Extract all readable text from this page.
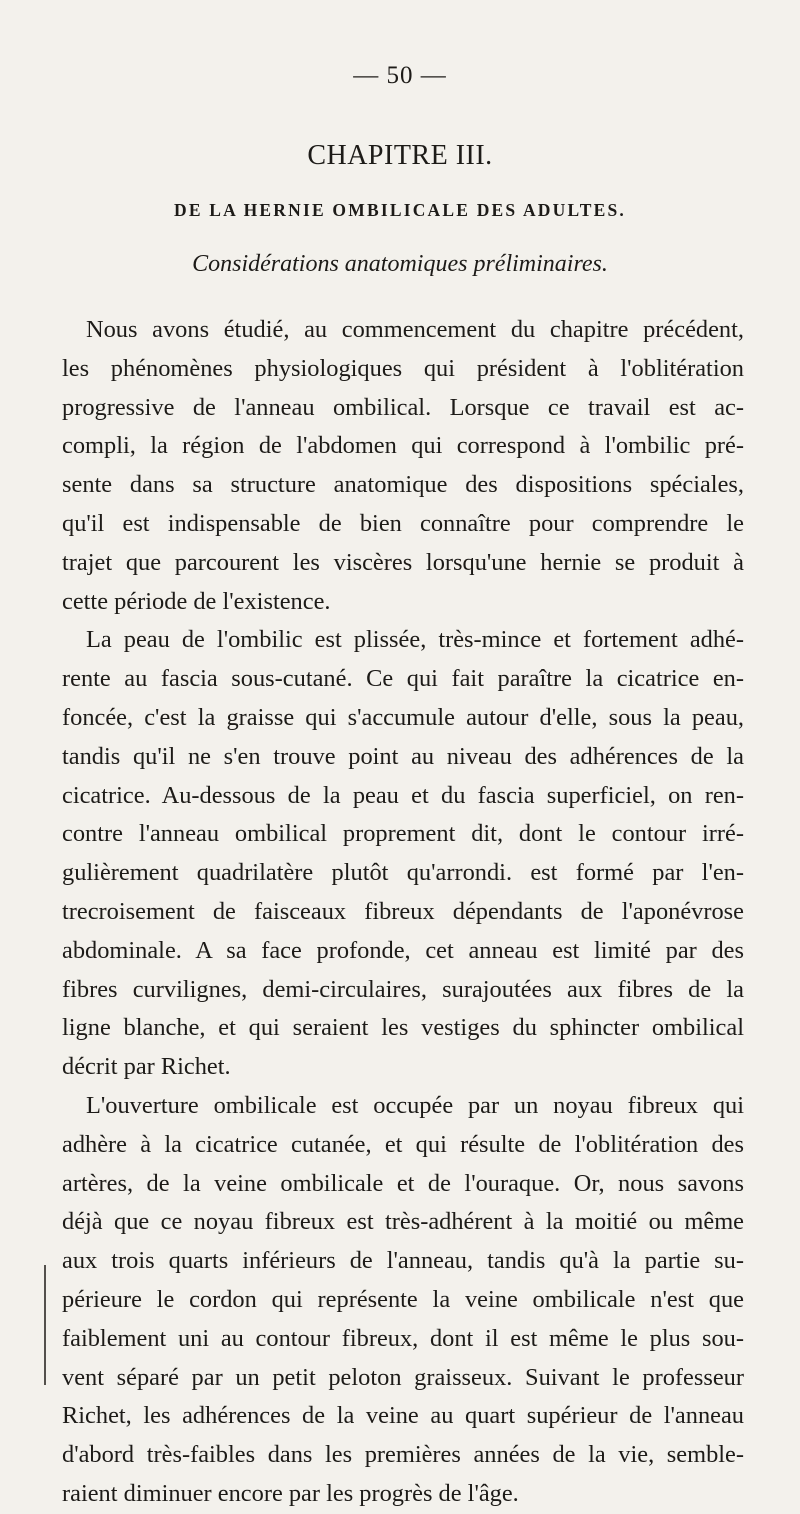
— 50 —
CHAPITRE III.
DE LA HERNIE OMBILICALE DES ADULTES.
Considérations anatomiques préliminaires.
Nous avons étudié, au commencement du chapitre précédent,
les phénomènes physiologiques qui président à l'oblitération
progressive de l'anneau ombilical. Lorsque ce travail est ac-
compli, la région de l'abdomen qui correspond à l'ombilic pré-
sente dans sa structure anatomique des dispositions spéciales,
qu'il est indispensable de bien connaître pour comprendre le
trajet que parcourent les viscères lorsqu'une hernie se produit à
cette période de l'existence.
La peau de l'ombilic est plissée, très-mince et fortement adhé-
rente au fascia sous-cutané. Ce qui fait paraître la cicatrice en-
foncée, c'est la graisse qui s'accumule autour d'elle, sous la peau,
tandis qu'il ne s'en trouve point au niveau des adhérences de la
cicatrice. Au-dessous de la peau et du fascia superficiel, on ren-
contre l'anneau ombilical proprement dit, dont le contour irré-
gulièrement quadrilatère plutôt qu'arrondi. est formé par l'en-
trecroisement de faisceaux fibreux dépendants de l'aponévrose
abdominale. A sa face profonde, cet anneau est limité par des
fibres curvilignes, demi-circulaires, surajoutées aux fibres de la
ligne blanche, et qui seraient les vestiges du sphincter ombilical
décrit par Richet.
L'ouverture ombilicale est occupée par un noyau fibreux qui
adhère à la cicatrice cutanée, et qui résulte de l'oblitération des
artères, de la veine ombilicale et de l'ouraque. Or, nous savons
déjà que ce noyau fibreux est très-adhérent à la moitié ou même
aux trois quarts inférieurs de l'anneau, tandis qu'à la partie su-
périeure le cordon qui représente la veine ombilicale n'est que
faiblement uni au contour fibreux, dont il est même le plus sou-
vent séparé par un petit peloton graisseux. Suivant le professeur
Richet, les adhérences de la veine au quart supérieur de l'anneau
d'abord très-faibles dans les premières années de la vie, semble-
raient diminuer encore par les progrès de l'âge.
